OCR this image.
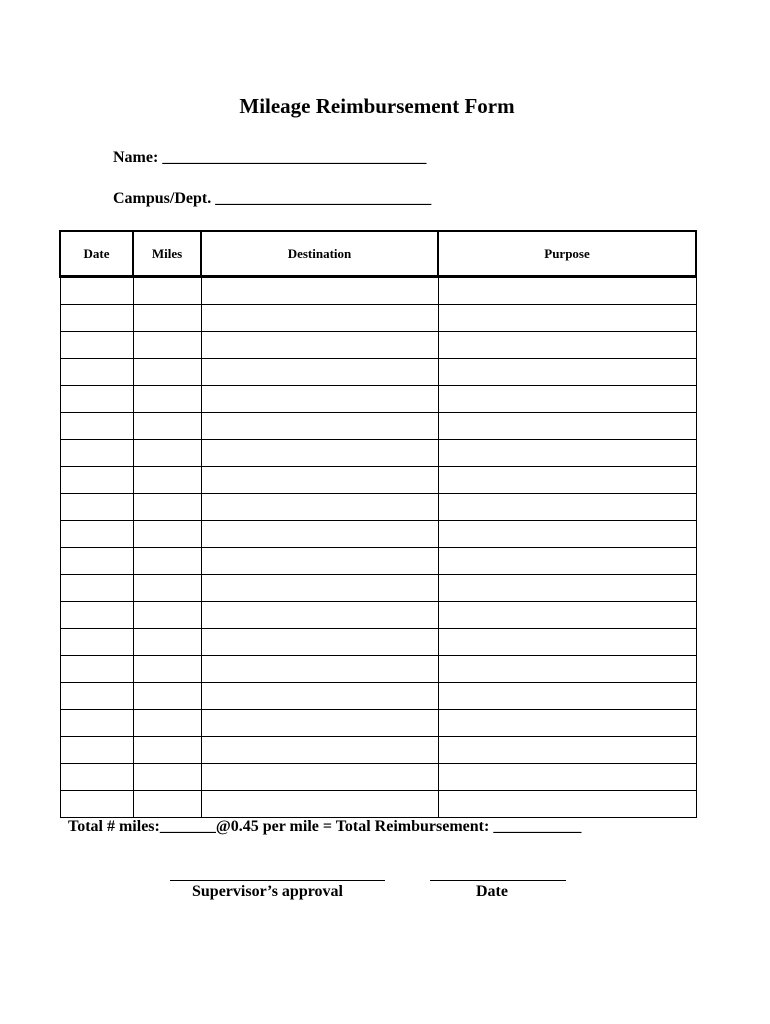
Mileage Reimbursement Form
Name: _________________________________
Campus/Dept. ___________________________
Date	Miles	Destination	Purpose

Total # miles:_______@0.45 per mile = Total Reimbursement: ___________
Supervisor’s approval	Date
